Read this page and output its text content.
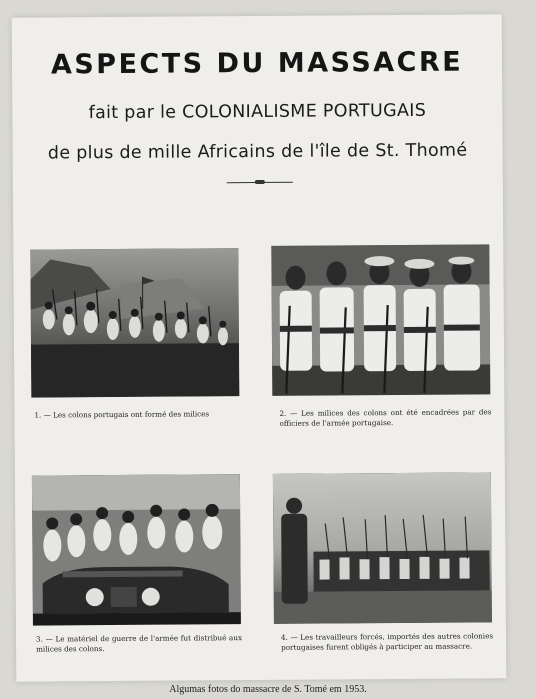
ASPECTS DU MASSACRE
fait par le COLONIALISME PORTUGAIS
de plus de mille Africains de l'île de St. Thomé
1. — Les colons portugais ont formé des milices	2. — Les milices des colons ont été encadrées par des officiers de l'armée portugaise.
3. — Le matériel de guerre de l'armée fut distribué aux milices des colons.
4. — Les travailleurs forcés, importés des autres colonies portugaises furent obligés à participer au massacre.
Algumas fotos do massacre de S. Tomé em 1953.
